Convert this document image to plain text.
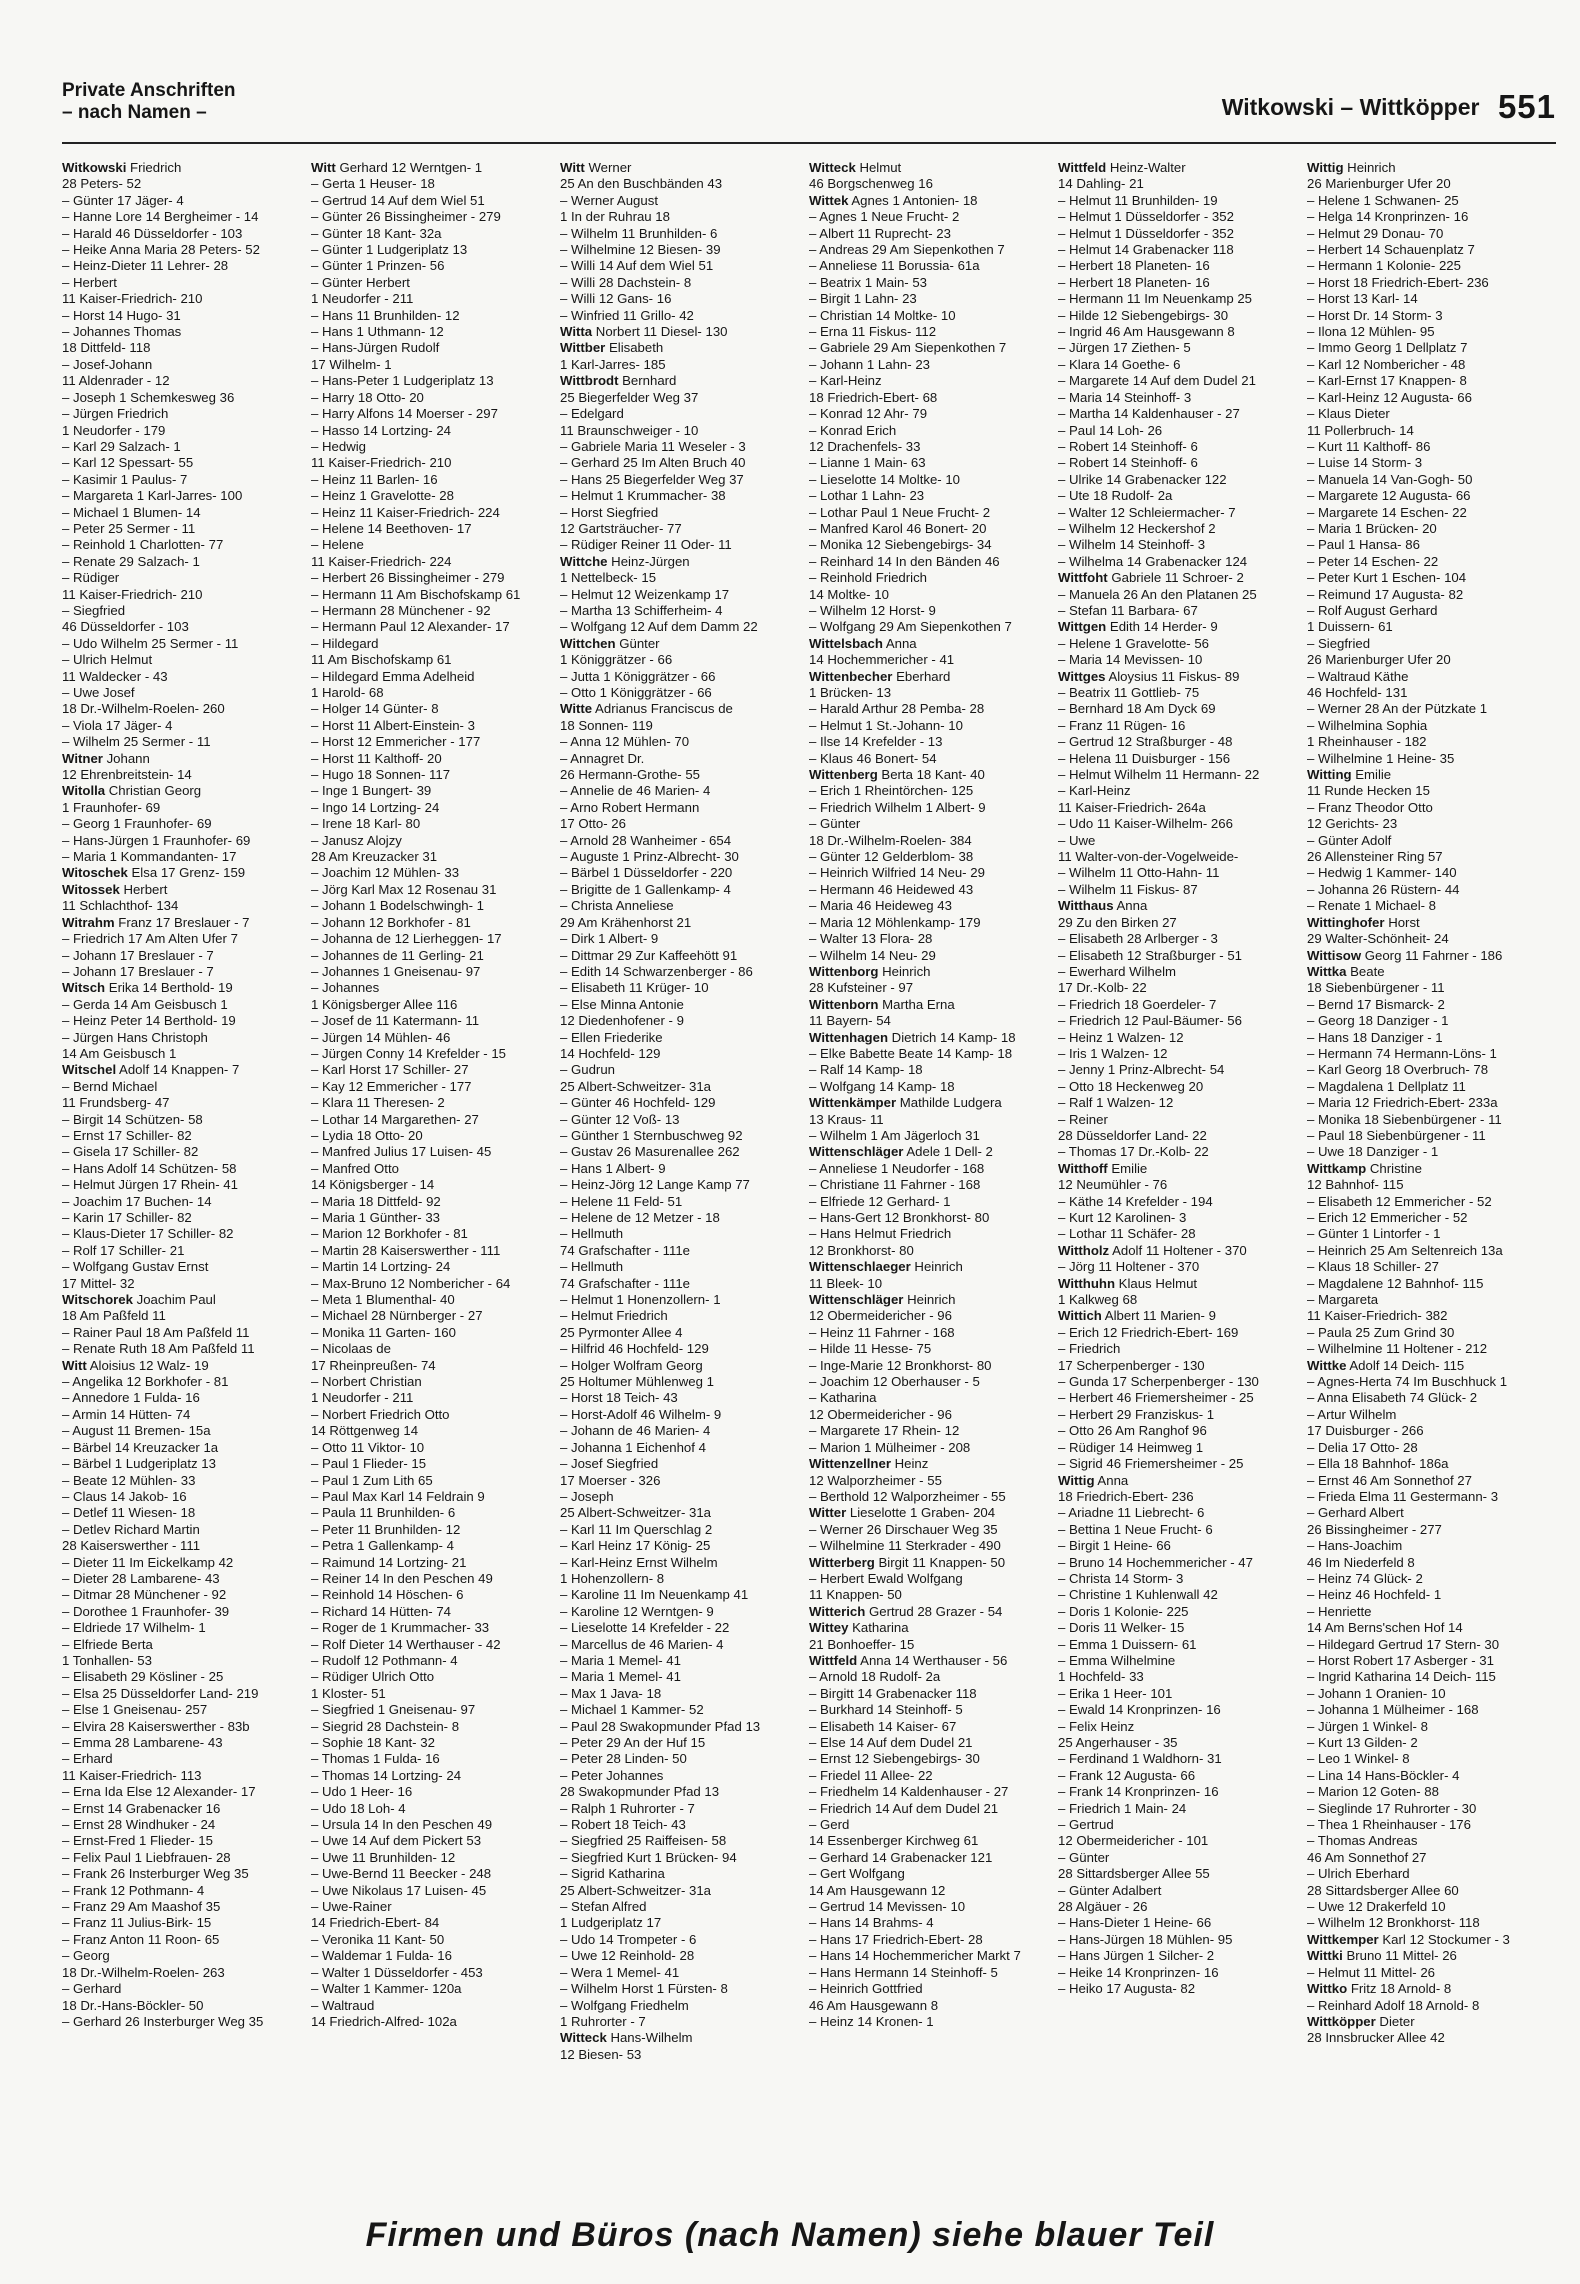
Private Anschriften
– nach Namen –	Witkowski – Wittköpper 551
Witkowski Friedrich
28 Peters- 52
– Günter 17 Jäger- 4
– Hanne Lore 14 Bergheimer - 14
– Harald 46 Düsseldorfer - 103
– Heike Anna Maria 28 Peters- 52
– Heinz-Dieter 11 Lehrer- 28
– Herbert
11 Kaiser-Friedrich- 210
– Horst 14 Hugo- 31
– Johannes Thomas
18 Dittfeld- 118
– Josef-Johann
11 Aldenrader - 12
– Joseph 1 Schemkesweg 36
– Jürgen Friedrich
1 Neudorfer - 179
– Karl 29 Salzach- 1
– Karl 12 Spessart- 55
– Kasimir 1 Paulus- 7
– Margareta 1 Karl-Jarres- 100
– Michael 1 Blumen- 14
– Peter 25 Sermer - 11
– Reinhold 1 Charlotten- 77
– Renate 29 Salzach- 1
– Rüdiger
11 Kaiser-Friedrich- 210
– Siegfried
46 Düsseldorfer - 103
– Udo Wilhelm 25 Sermer - 11
– Ulrich Helmut
11 Waldecker - 43
– Uwe Josef
18 Dr.-Wilhelm-Roelen- 260
– Viola 17 Jäger- 4
– Wilhelm 25 Sermer - 11
Witner Johann
12 Ehrenbreitstein- 14
Witolla Christian Georg
1 Fraunhofer- 69
– Georg 1 Fraunhofer- 69
– Hans-Jürgen 1 Fraunhofer- 69
– Maria 1 Kommandanten- 17
Witoschek Elsa 17 Grenz- 159
Witossek Herbert
11 Schlachthof- 134
Witrahm Franz 17 Breslauer - 7
– Friedrich 17 Am Alten Ufer 7
– Johann 17 Breslauer - 7
– Johann 17 Breslauer - 7
Witsch Erika 14 Berthold- 19
– Gerda 14 Am Geisbusch 1
– Heinz Peter 14 Berthold- 19
– Jürgen Hans Christoph
14 Am Geisbusch 1
Witschel Adolf 14 Knappen- 7
– Bernd Michael
11 Frundsberg- 47
– Birgit 14 Schützen- 58
– Ernst 17 Schiller- 82
– Gisela 17 Schiller- 82
– Hans Adolf 14 Schützen- 58
– Helmut Jürgen 17 Rhein- 41
– Joachim 17 Buchen- 14
– Karin 17 Schiller- 82
– Klaus-Dieter 17 Schiller- 82
– Rolf 17 Schiller- 21
– Wolfgang Gustav Ernst
17 Mittel- 32
Witschorek Joachim Paul
18 Am Paßfeld 11
– Rainer Paul 18 Am Paßfeld 11
– Renate Ruth 18 Am Paßfeld 11
Witt Aloisius 12 Walz- 19
– Angelika 12 Borkhofer - 81
– Annedore 1 Fulda- 16
– Armin 14 Hütten- 74
– August 11 Bremen- 15a
– Bärbel 14 Kreuzacker 1a
– Bärbel 1 Ludgeriplatz 13
– Beate 12 Mühlen- 33
– Claus 14 Jakob- 16
– Detlef 11 Wiesen- 18
– Detlev Richard Martin
28 Kaiserswerther - 111
– Dieter 11 Im Eickelkamp 42
– Dieter 28 Lambarene- 43
– Ditmar 28 Münchener - 92
– Dorothee 1 Fraunhofer- 39
– Eldriede 17 Wilhelm- 1
– Elfriede Berta
1 Tonhallen- 53
– Elisabeth 29 Kösliner - 25
– Elsa 25 Düsseldorfer Land- 219
– Else 1 Gneisenau- 257
– Elvira 28 Kaiserswerther - 83b
– Emma 28 Lambarene- 43
– Erhard
11 Kaiser-Friedrich- 113
– Erna Ida Else 12 Alexander- 17
– Ernst 14 Grabenacker 16
– Ernst 28 Windhuker - 24
– Ernst-Fred 1 Flieder- 15
– Felix Paul 1 Liebfrauen- 28
– Frank 26 Insterburger Weg 35
– Frank 12 Pothmann- 4
– Franz 29 Am Maashof 35
– Franz 11 Julius-Birk- 15
– Franz Anton 11 Roon- 65
– Georg
18 Dr.-Wilhelm-Roelen- 263
– Gerhard
18 Dr.-Hans-Böckler- 50
– Gerhard 26 Insterburger Weg 35
Witt Gerhard 12 Werntgen- 1
– Gerta 1 Heuser- 18
– Gertrud 14 Auf dem Wiel 51
– Günter 26 Bissingheimer - 279
– Günter 18 Kant- 32a
– Günter 1 Ludgeriplatz 13
– Günter 1 Prinzen- 56
– Günter Herbert
1 Neudorfer - 211
– Hans 11 Brunhilden- 12
– Hans 1 Uthmann- 12
– Hans-Jürgen Rudolf
17 Wilhelm- 1
– Hans-Peter 1 Ludgeriplatz 13
– Harry 18 Otto- 20
– Harry Alfons 14 Moerser - 297
– Hasso 14 Lortzing- 24
– Hedwig
11 Kaiser-Friedrich- 210
– Heinz 11 Barlen- 16
– Heinz 1 Gravelotte- 28
– Heinz 11 Kaiser-Friedrich- 224
– Helene 14 Beethoven- 17
– Helene
11 Kaiser-Friedrich- 224
– Herbert 26 Bissingheimer - 279
– Hermann 11 Am Bischofskamp 61
– Hermann 28 Münchener - 92
– Hermann Paul 12 Alexander- 17
– Hildegard
11 Am Bischofskamp 61
– Hildegard Emma Adelheid
1 Harold- 68
– Holger 14 Günter- 8
– Horst 11 Albert-Einstein- 3
– Horst 12 Emmericher - 177
– Horst 11 Kalthoff- 20
– Hugo 18 Sonnen- 117
– Inge 1 Bungert- 39
– Ingo 14 Lortzing- 24
– Irene 18 Karl- 80
– Janusz Alojzy
28 Am Kreuzacker 31
– Joachim 12 Mühlen- 33
– Jörg Karl Max 12 Rosenau 31
– Johann 1 Bodelschwingh- 1
– Johann 12 Borkhofer - 81
– Johanna de 12 Lierheggen- 17
– Johannes de 11 Gerling- 21
– Johannes 1 Gneisenau- 97
– Johannes
1 Königsberger Allee 116
– Josef de 11 Katermann- 11
– Jürgen 14 Mühlen- 46
– Jürgen Conny 14 Krefelder - 15
– Karl Horst 17 Schiller- 27
– Kay 12 Emmericher - 177
– Klara 11 Theresen- 2
– Lothar 14 Margarethen- 27
– Lydia 18 Otto- 20
– Manfred Julius 17 Luisen- 45
– Manfred Otto
14 Königsberger - 14
– Maria 18 Dittfeld- 92
– Maria 1 Günther- 33
– Marion 12 Borkhofer - 81
– Martin 28 Kaiserswerther - 111
– Martin 14 Lortzing- 24
– Max-Bruno 12 Nombericher - 64
– Meta 1 Blumenthal- 40
– Michael 28 Nürnberger - 27
– Monika 11 Garten- 160
– Nicolaas de
17 Rheinpreußen- 74
– Norbert Christian
1 Neudorfer - 211
– Norbert Friedrich Otto
14 Röttgenweg 14
– Otto 11 Viktor- 10
– Paul 1 Flieder- 15
– Paul 1 Zum Lith 65
– Paul Max Karl 14 Feldrain 9
– Paula 11 Brunhilden- 6
– Peter 11 Brunhilden- 12
– Petra 1 Gallenkamp- 4
– Raimund 14 Lortzing- 21
– Reiner 14 In den Peschen 49
– Reinhold 14 Höschen- 6
– Richard 14 Hütten- 74
– Roger de 1 Krummacher- 33
– Rolf Dieter 14 Werthauser - 42
– Rudolf 12 Pothmann- 4
– Rüdiger Ulrich Otto
1 Kloster- 51
– Siegfried 1 Gneisenau- 97
– Siegrid 28 Dachstein- 8
– Sophie 18 Kant- 32
– Thomas 1 Fulda- 16
– Thomas 14 Lortzing- 24
– Udo 1 Heer- 16
– Udo 18 Loh- 4
– Ursula 14 In den Peschen 49
– Uwe 14 Auf dem Pickert 53
– Uwe 11 Brunhilden- 12
– Uwe-Bernd 11 Beecker - 248
– Uwe Nikolaus 17 Luisen- 45
– Uwe-Rainer
14 Friedrich-Ebert- 84
– Veronika 11 Kant- 50
– Waldemar 1 Fulda- 16
– Walter 1 Düsseldorfer - 453
– Walter 1 Kammer- 120a
– Waltraud
14 Friedrich-Alfred- 102a
Witt Werner
25 An den Buschbänden 43
– Werner August
1 In der Ruhrau 18
– Wilhelm 11 Brunhilden- 6
– Wilhelmine 12 Biesen- 39
– Willi 14 Auf dem Wiel 51
– Willi 28 Dachstein- 8
– Willi 12 Gans- 16
– Winfried 11 Grillo- 42
Witta Norbert 11 Diesel- 130
Wittber Elisabeth
1 Karl-Jarres- 185
Wittbrodt Bernhard
25 Biegerfelder Weg 37
– Edelgard
11 Braunschweiger - 10
– Gabriele Maria 11 Weseler - 3
– Gerhard 25 Im Alten Bruch 40
– Hans 25 Biegerfelder Weg 37
– Helmut 1 Krummacher- 38
– Horst Siegfried
12 Gartsträucher- 77
– Rüdiger Reiner 11 Oder- 11
Wittche Heinz-Jürgen
1 Nettelbeck- 15
– Helmut 12 Weizenkamp 17
– Martha 13 Schifferheim- 4
– Wolfgang 12 Auf dem Damm 22
Wittchen Günter
1 Königgrätzer - 66
– Jutta 1 Königgrätzer - 66
– Otto 1 Königgrätzer - 66
Witte Adrianus Franciscus de
18 Sonnen- 119
– Anna 12 Mühlen- 70
– Annagret Dr.
26 Hermann-Grothe- 55
– Annelie de 46 Marien- 4
– Arno Robert Hermann
17 Otto- 26
– Arnold 28 Wanheimer - 654
– Auguste 1 Prinz-Albrecht- 30
– Bärbel 1 Düsseldorfer - 220
– Brigitte de 1 Gallenkamp- 4
– Christa Anneliese
29 Am Krähenhorst 21
– Dirk 1 Albert- 9
– Dittmar 29 Zur Kaffeehött 91
– Edith 14 Schwarzenberger - 86
– Elisabeth 11 Krüger- 10
– Else Minna Antonie
12 Diedenhofener - 9
– Ellen Friederike
14 Hochfeld- 129
– Gudrun
25 Albert-Schweitzer- 31a
– Günter 46 Hochfeld- 129
– Günter 12 Voß- 13
– Günther 1 Sternbuschweg 92
– Gustav 26 Masurenallee 262
– Hans 1 Albert- 9
– Heinz-Jörg 12 Lange Kamp 77
– Helene 11 Feld- 51
– Helene de 12 Metzer - 18
– Hellmuth
74 Grafschafter - 111e
– Hellmuth
74 Grafschafter - 111e
– Helmut 1 Honenzollern- 1
– Helmut Friedrich
25 Pyrmonter Allee 4
– Hilfrid 46 Hochfeld- 129
– Holger Wolfram Georg
25 Holtumer Mühlenweg 1
– Horst 18 Teich- 43
– Horst-Adolf 46 Wilhelm- 9
– Johann de 46 Marien- 4
– Johanna 1 Eichenhof 4
– Josef Siegfried
17 Moerser - 326
– Joseph
25 Albert-Schweitzer- 31a
– Karl 11 Im Querschlag 2
– Karl Heinz 17 König- 25
– Karl-Heinz Ernst Wilhelm
1 Hohenzollern- 8
– Karoline 11 Im Neuenkamp 41
– Karoline 12 Werntgen- 9
– Lieselotte 14 Krefelder - 22
– Marcellus de 46 Marien- 4
– Maria 1 Memel- 41
– Maria 1 Memel- 41
– Max 1 Java- 18
– Michael 1 Kammer- 52
– Paul 28 Swakopmunder Pfad 13
– Peter 29 An der Huf 15
– Peter 28 Linden- 50
– Peter Johannes
28 Swakopmunder Pfad 13
– Ralph 1 Ruhrorter - 7
– Robert 18 Teich- 43
– Siegfried 25 Raiffeisen- 58
– Siegfried Kurt 1 Brücken- 94
– Sigrid Katharina
25 Albert-Schweitzer- 31a
– Stefan Alfred
1 Ludgeriplatz 17
– Udo 14 Trompeter - 6
– Uwe 12 Reinhold- 28
– Wera 1 Memel- 41
– Wilhelm Horst 1 Fürsten- 8
– Wolfgang Friedhelm
1 Ruhrorter - 7
Witteck Hans-Wilhelm
12 Biesen- 53
Witteck Helmut
46 Borgschenweg 16
Wittek Agnes 1 Antonien- 18
– Agnes 1 Neue Frucht- 2
– Albert 11 Ruprecht- 23
– Andreas 29 Am Siepenkothen 7
– Anneliese 11 Borussia- 61a
– Beatrix 1 Main- 53
– Birgit 1 Lahn- 23
– Christian 14 Moltke- 10
– Erna 11 Fiskus- 112
– Gabriele 29 Am Siepenkothen 7
– Johann 1 Lahn- 23
– Karl-Heinz
18 Friedrich-Ebert- 68
– Konrad 12 Ahr- 79
– Konrad Erich
12 Drachenfels- 33
– Lianne 1 Main- 63
– Lieselotte 14 Moltke- 10
– Lothar 1 Lahn- 23
– Lothar Paul 1 Neue Frucht- 2
– Manfred Karol 46 Bonert- 20
– Monika 12 Siebengebirgs- 34
– Reinhard 14 In den Bänden 46
– Reinhold Friedrich
14 Moltke- 10
– Wilhelm 12 Horst- 9
– Wolfgang 29 Am Siepenkothen 7
Wittelsbach Anna
14 Hochemmericher - 41
Wittenbecher Eberhard
1 Brücken- 13
– Harald Arthur 28 Pemba- 28
– Helmut 1 St.-Johann- 10
– Ilse 14 Krefelder - 13
– Klaus 46 Bonert- 54
Wittenberg Berta 18 Kant- 40
– Erich 1 Rheintörchen- 125
– Friedrich Wilhelm 1 Albert- 9
– Günter
18 Dr.-Wilhelm-Roelen- 384
– Günter 12 Gelderblom- 38
– Heinrich Wilfried 14 Neu- 29
– Hermann 46 Heidewed 43
– Maria 46 Heideweg 43
– Maria 12 Möhlenkamp- 179
– Walter 13 Flora- 28
– Wilhelm 14 Neu- 29
Wittenborg Heinrich
28 Kufsteiner - 97
Wittenborn Martha Erna
11 Bayern- 54
Wittenhagen Dietrich 14 Kamp- 18
– Elke Babette Beate 14 Kamp- 18
– Ralf 14 Kamp- 18
– Wolfgang 14 Kamp- 18
Wittenkämper Mathilde Ludgera
13 Kraus- 11
– Wilhelm 1 Am Jägerloch 31
Wittenschläger Adele 1 Dell- 2
– Anneliese 1 Neudorfer - 168
– Christiane 11 Fahrner - 168
– Elfriede 12 Gerhard- 1
– Hans-Gert 12 Bronkhorst- 80
– Hans Helmut Friedrich
12 Bronkhorst- 80
Wittenschlaeger Heinrich
11 Bleek- 10
Wittenschläger Heinrich
12 Obermeidericher - 96
– Heinz 11 Fahrner - 168
– Hilde 11 Hesse- 75
– Inge-Marie 12 Bronkhorst- 80
– Joachim 12 Oberhauser - 5
– Katharina
12 Obermeidericher - 96
– Margarete 17 Rhein- 12
– Marion 1 Mülheimer - 208
Wittenzellner Heinz
12 Walporzheimer - 55
– Berthold 12 Walporzheimer - 55
Witter Lieselotte 1 Graben- 204
– Werner 26 Dirschauer Weg 35
– Wilhelmine 11 Sterkrader - 490
Witterberg Birgit 11 Knappen- 50
– Herbert Ewald Wolfgang
11 Knappen- 50
Witterich Gertrud 28 Grazer - 54
Wittey Katharina
21 Bonhoeffer- 15
Wittfeld Anna 14 Werthauser - 56
– Arnold 18 Rudolf- 2a
– Birgitt 14 Grabenacker 118
– Burkhard 14 Steinhoff- 5
– Elisabeth 14 Kaiser- 67
– Else 14 Auf dem Dudel 21
– Ernst 12 Siebengebirgs- 30
– Friedel 11 Allee- 22
– Friedhelm 14 Kaldenhauser - 27
– Friedrich 14 Auf dem Dudel 21
– Gerd
14 Essenberger Kirchweg 61
– Gerhard 14 Grabenacker 121
– Gert Wolfgang
14 Am Hausgewann 12
– Gertrud 14 Mevissen- 10
– Hans 14 Brahms- 4
– Hans 17 Friedrich-Ebert- 28
– Hans 14 Hochemmericher Markt 7
– Hans Hermann 14 Steinhoff- 5
– Heinrich Gottfried
46 Am Hausgewann 8
– Heinz 14 Kronen- 1
Wittfeld Heinz-Walter
14 Dahling- 21
– Helmut 11 Brunhilden- 19
– Helmut 1 Düsseldorfer - 352
– Helmut 1 Düsseldorfer - 352
– Helmut 14 Grabenacker 118
– Herbert 18 Planeten- 16
– Herbert 18 Planeten- 16
– Hermann 11 Im Neuenkamp 25
– Hilde 12 Siebengebirgs- 30
– Ingrid 46 Am Hausgewann 8
– Jürgen 17 Ziethen- 5
– Klara 14 Goethe- 6
– Margarete 14 Auf dem Dudel 21
– Maria 14 Steinhoff- 3
– Martha 14 Kaldenhauser - 27
– Paul 14 Loh- 26
– Robert 14 Steinhoff- 6
– Robert 14 Steinhoff- 6
– Ulrike 14 Grabenacker 122
– Ute 18 Rudolf- 2a
– Walter 12 Schleiermacher- 7
– Wilhelm 12 Heckershof 2
– Wilhelm 14 Steinhoff- 3
– Wilhelma 14 Grabenacker 124
Wittfoht Gabriele 11 Schroer- 2
– Manuela 26 An den Platanen 25
– Stefan 11 Barbara- 67
Wittgen Edith 14 Herder- 9
– Helene 1 Gravelotte- 56
– Maria 14 Mevissen- 10
Wittges Aloysius 11 Fiskus- 89
– Beatrix 11 Gottlieb- 75
– Bernhard 18 Am Dyck 69
– Franz 11 Rügen- 16
– Gertrud 12 Straßburger - 48
– Helena 11 Duisburger - 156
– Helmut Wilhelm 11 Hermann- 22
– Karl-Heinz
11 Kaiser-Friedrich- 264a
– Udo 11 Kaiser-Wilhelm- 266
– Uwe
11 Walter-von-der-Vogelweide-
– Wilhelm 11 Otto-Hahn- 11
– Wilhelm 11 Fiskus- 87
Witthaus Anna
29 Zu den Birken 27
– Elisabeth 28 Arlberger - 3
– Elisabeth 12 Straßburger - 51
– Ewerhard Wilhelm
17 Dr.-Kolb- 22
– Friedrich 18 Goerdeler- 7
– Friedrich 12 Paul-Bäumer- 56
– Heinz 1 Walzen- 12
– Iris 1 Walzen- 12
– Jenny 1 Prinz-Albrecht- 54
– Otto 18 Heckenweg 20
– Ralf 1 Walzen- 12
– Reiner
28 Düsseldorfer Land- 22
– Thomas 17 Dr.-Kolb- 22
Witthoff Emilie
12 Neumühler - 76
– Käthe 14 Krefelder - 194
– Kurt 12 Karolinen- 3
– Lothar 11 Schäfer- 28
Wittholz Adolf 11 Holtener - 370
– Jörg 11 Holtener - 370
Witthuhn Klaus Helmut
1 Kalkweg 68
Wittich Albert 11 Marien- 9
– Erich 12 Friedrich-Ebert- 169
– Friedrich
17 Scherpenberger - 130
– Gunda 17 Scherpenberger - 130
– Herbert 46 Friemersheimer - 25
– Herbert 29 Franziskus- 1
– Otto 26 Am Ranghof 96
– Rüdiger 14 Heimweg 1
– Sigrid 46 Friemersheimer - 25
Wittig Anna
18 Friedrich-Ebert- 236
– Ariadne 11 Liebrecht- 6
– Bettina 1 Neue Frucht- 6
– Birgit 1 Heine- 66
– Bruno 14 Hochemmericher - 47
– Christa 14 Storm- 3
– Christine 1 Kuhlenwall 42
– Doris 1 Kolonie- 225
– Doris 11 Welker- 15
– Emma 1 Duissern- 61
– Emma Wilhelmine
1 Hochfeld- 33
– Erika 1 Heer- 101
– Ewald 14 Kronprinzen- 16
– Felix Heinz
25 Angerhauser - 35
– Ferdinand 1 Waldhorn- 31
– Frank 12 Augusta- 66
– Frank 14 Kronprinzen- 16
– Friedrich 1 Main- 24
– Gertrud
12 Obermeidericher - 101
– Günter
28 Sittardsberger Allee 55
– Günter Adalbert
28 Algäuer - 26
– Hans-Dieter 1 Heine- 66
– Hans-Jürgen 18 Mühlen- 95
– Hans Jürgen 1 Silcher- 2
– Heike 14 Kronprinzen- 16
– Heiko 17 Augusta- 82
Wittig Heinrich
26 Marienburger Ufer 20
– Helene 1 Schwanen- 25
– Helga 14 Kronprinzen- 16
– Helmut 29 Donau- 70
– Herbert 14 Schauenplatz 7
– Hermann 1 Kolonie- 225
– Horst 18 Friedrich-Ebert- 236
– Horst 13 Karl- 14
– Horst Dr. 14 Storm- 3
– Ilona 12 Mühlen- 95
– Immo Georg 1 Dellplatz 7
– Karl 12 Nombericher - 48
– Karl-Ernst 17 Knappen- 8
– Karl-Heinz 12 Augusta- 66
– Klaus Dieter
11 Pollerbruch- 14
– Kurt 11 Kalthoff- 86
– Luise 14 Storm- 3
– Manuela 14 Van-Gogh- 50
– Margarete 12 Augusta- 66
– Margarete 14 Eschen- 22
– Maria 1 Brücken- 20
– Paul 1 Hansa- 86
– Peter 14 Eschen- 22
– Peter Kurt 1 Eschen- 104
– Reimund 17 Augusta- 82
– Rolf August Gerhard
1 Duissern- 61
– Siegfried
26 Marienburger Ufer 20
– Waltraud Käthe
46 Hochfeld- 131
– Werner 28 An der Pützkate 1
– Wilhelmina Sophia
1 Rheinhauser - 182
– Wilhelmine 1 Heine- 35
Witting Emilie
11 Runde Hecken 15
– Franz Theodor Otto
12 Gerichts- 23
– Günter Adolf
26 Allensteiner Ring 57
– Hedwig 1 Kammer- 140
– Johanna 26 Rüstern- 44
– Renate 1 Michael- 8
Wittinghofer Horst
29 Walter-Schönheit- 24
Wittisow Georg 11 Fahrner - 186
Wittka Beate
18 Siebenbürgener - 11
– Bernd 17 Bismarck- 2
– Georg 18 Danziger - 1
– Hans 18 Danziger - 1
– Hermann 74 Hermann-Löns- 1
– Karl Georg 18 Overbruch- 78
– Magdalena 1 Dellplatz 11
– Maria 12 Friedrich-Ebert- 233a
– Monika 18 Siebenbürgener - 11
– Paul 18 Siebenbürgener - 11
– Uwe 18 Danziger - 1
Wittkamp Christine
12 Bahnhof- 115
– Elisabeth 12 Emmericher - 52
– Erich 12 Emmericher - 52
– Günter 1 Lintorfer - 1
– Heinrich 25 Am Seltenreich 13a
– Klaus 18 Schiller- 27
– Magdalene 12 Bahnhof- 115
– Margareta
11 Kaiser-Friedrich- 382
– Paula 25 Zum Grind 30
– Wilhelmine 11 Holtener - 212
Wittke Adolf 14 Deich- 115
– Agnes-Herta 74 Im Buschhuck 1
– Anna Elisabeth 74 Glück- 2
– Artur Wilhelm
17 Duisburger - 266
– Delia 17 Otto- 28
– Ella 18 Bahnhof- 186a
– Ernst 46 Am Sonnethof 27
– Frieda Elma 11 Gestermann- 3
– Gerhard Albert
26 Bissingheimer - 277
– Hans-Joachim
46 Im Niederfeld 8
– Heinz 74 Glück- 2
– Heinz 46 Hochfeld- 1
– Henriette
14 Am Berns'schen Hof 14
– Hildegard Gertrud 17 Stern- 30
– Horst Robert 17 Asberger - 31
– Ingrid Katharina 14 Deich- 115
– Johann 1 Oranien- 10
– Johanna 1 Mülheimer - 168
– Jürgen 1 Winkel- 8
– Kurt 13 Gilden- 2
– Leo 1 Winkel- 8
– Lina 14 Hans-Böckler- 4
– Marion 12 Goten- 88
– Sieglinde 17 Ruhrorter - 30
– Thea 1 Rheinhauser - 176
– Thomas Andreas
46 Am Sonnethof 27
– Ulrich Eberhard
28 Sittardsberger Allee 60
– Uwe 12 Drakerfeld 10
– Wilhelm 12 Bronkhorst- 118
Wittkemper Karl 12 Stockumer - 3
Wittki Bruno 11 Mittel- 26
– Helmut 11 Mittel- 26
Wittko Fritz 18 Arnold- 8
– Reinhard Adolf 18 Arnold- 8
Wittköpper Dieter
28 Innsbrucker Allee 42
Firmen und Büros (nach Namen) siehe blauer Teil
